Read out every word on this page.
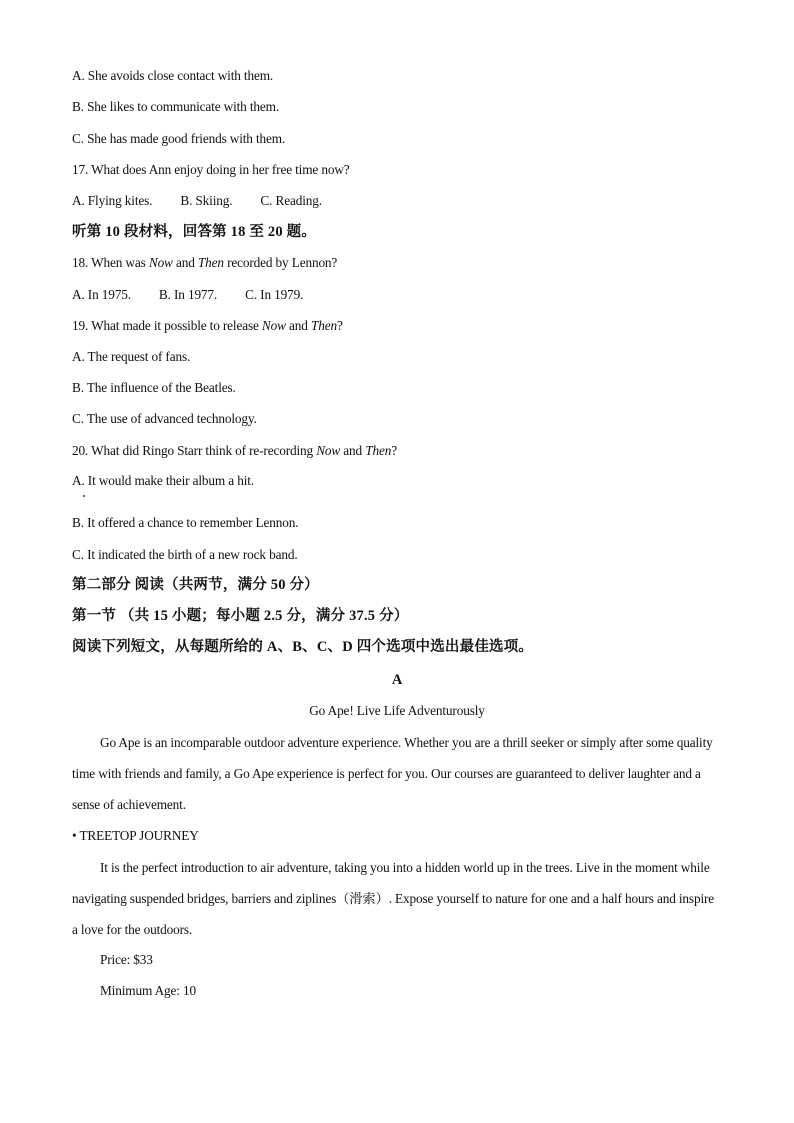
A. She avoids close contact with them.
B. She likes to communicate with them.
C. She has made good friends with them.
17. What does Ann enjoy doing in her free time now?
A. Flying kites. B. Skiing. C. Reading.
听第 10 段材料，回答第 18 至 20 题。
18. When was Now and Then recorded by Lennon?
A. In 1975. B. In 1977. C. In 1979.
19. What made it possible to release Now and Then?
A. The request of fans.
B. The influence of the Beatles.
C. The use of advanced technology.
20. What did Ringo Starr think of re-recording Now and Then?
A. It would make their album a hit.
B. It offered a chance to remember Lennon.
C. It indicated the birth of a new rock band.
第二部分 阅读（共两节，满分 50 分）
第一节 （共 15 小题；每小题 2.5 分，满分 37.5 分）
阅读下列短文，从每题所给的 A、B、C、D 四个选项中选出最佳选项。
A
Go Ape! Live Life Adventurously
Go Ape is an incomparable outdoor adventure experience. Whether you are a thrill seeker or simply after some quality time with friends and family, a Go Ape experience is perfect for you. Our courses are guaranteed to deliver laughter and a sense of achievement.
• TREETOP JOURNEY
It is the perfect introduction to air adventure, taking you into a hidden world up in the trees. Live in the moment while navigating suspended bridges, barriers and ziplines（滑索）. Expose yourself to nature for one and a half hours and inspire a love for the outdoors.
Price: $33
Minimum Age: 10
